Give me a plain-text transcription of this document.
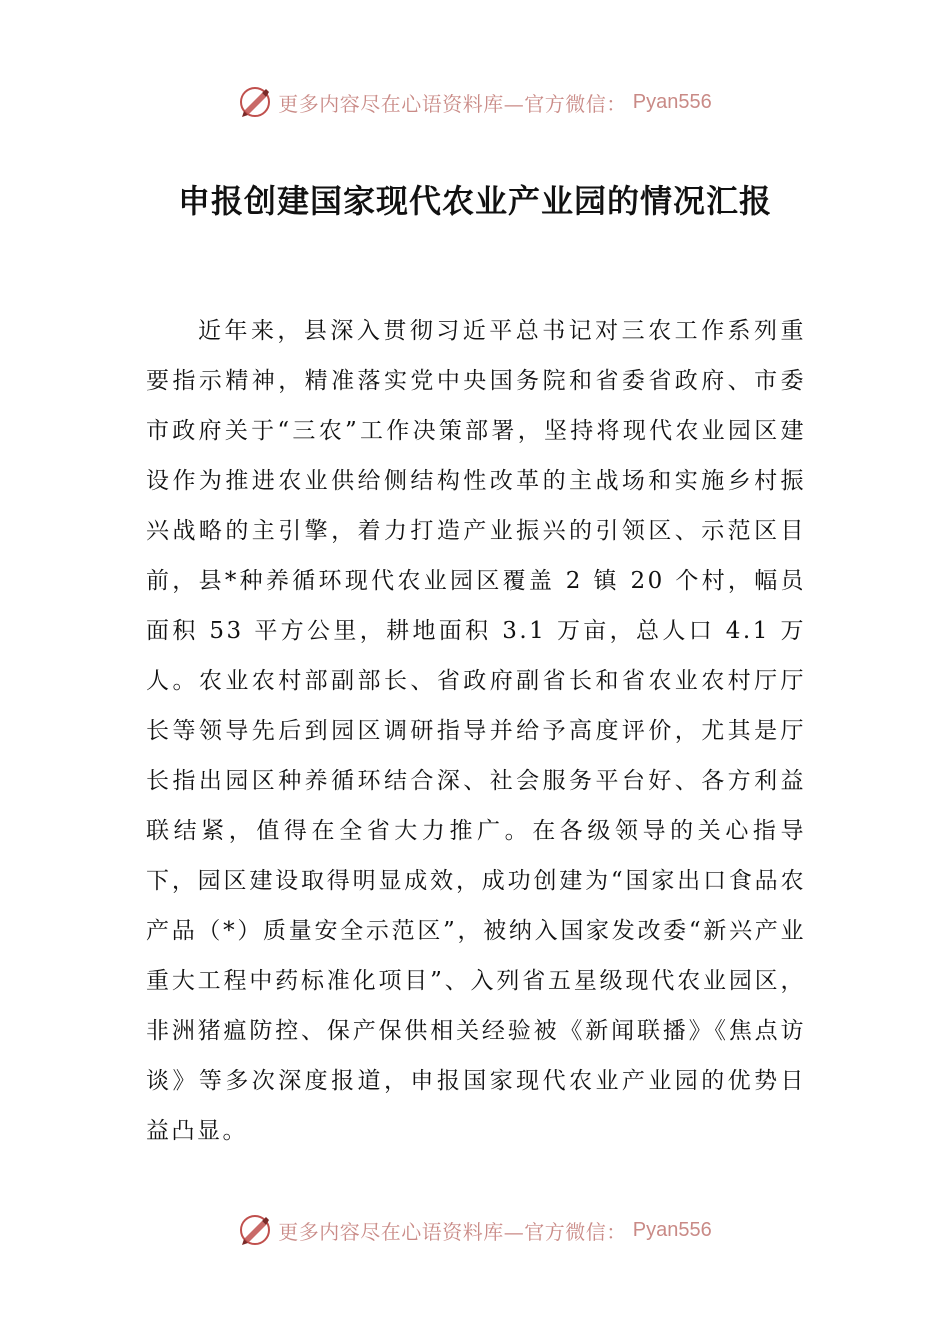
更多内容尽在心语资料库—官方微信： Pyan556
申报创建国家现代农业产业园的情况汇报

近年来，县深入贯彻习近平总书记对三农工作系列重要指示精神，精准落实党中央国务院和省委省政府、市委市政府关于“三农”工作决策部署，坚持将现代农业园区建设作为推进农业供给侧结构性改革的主战场和实施乡村振兴战略的主引擎，着力打造产业振兴的引领区、示范区目前，县*种养循环现代农业园区覆盖 2 镇 20 个村，幅员面积 53 平方公里，耕地面积 3.1 万亩，总人口 4.1 万人。农业农村部副部长、省政府副省长和省农业农村厅厅长等领导先后到园区调研指导并给予高度评价，尤其是厅长指出园区种养循环结合深、社会服务平台好、各方利益联结紧，值得在全省大力推广。在各级领导的关心指导下，园区建设取得明显成效，成功创建为“国家出口食品农产品（*）质量安全示范区”，被纳入国家发改委“新兴产业重大工程中药标准化项目”、入列省五星级现代农业园区，非洲猪瘟防控、保产保供相关经验被《新闻联播》《焦点访谈》等多次深度报道，申报国家现代农业产业园的优势日益凸显。

更多内容尽在心语资料库—官方微信： Pyan556
